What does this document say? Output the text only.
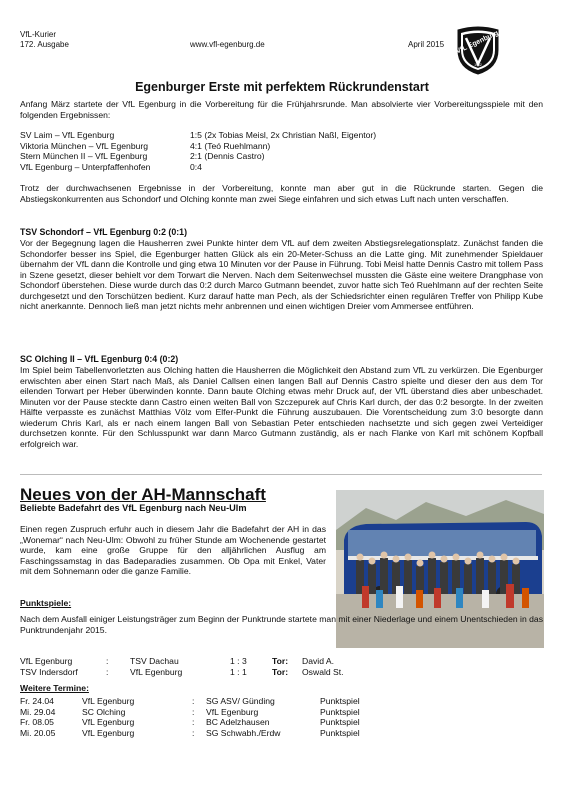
VfL-Kurier
172. Ausgabe	www.vfl-egenburg.de	April 2015 VfL Egenburg
1962
Egenburger Erste mit perfektem Rückrundenstart
Anfang März startete der VfL Egenburg in die Vorbereitung für die Frühjahrsrunde. Man absolvierte vier Vorbereitungsspiele mit den folgenden Ergebnissen:
SV Laim – VfL Egenburg	1:5 (2x Tobias Meisl, 2x Christian Naßl, Eigentor)
Viktoria München – VfL Egenburg	4:1 (Teó Ruehlmann)
Stern München II – VfL Egenburg	2:1 (Dennis Castro)
VfL Egenburg – Unterpfaffenhofen	0:4
Trotz der durchwachsenen Ergebnisse in der Vorbereitung, konnte man aber gut in die Rückrunde starten. Gegen die Abstiegskonkurrenten aus Schondorf und Olching konnte man zwei Siege einfahren und sich etwas Luft nach unten verschaffen.
TSV Schondorf – VfL Egenburg 0:2 (0:1)

Vor der Begegnung lagen die Hausherren zwei Punkte hinter dem VfL auf dem zweiten Abstiegsrelegationsplatz. Zunächst fanden die Schondorfer besser ins Spiel, die Egenburger hatten Glück als ein 20-Meter-Schuss an die Latte ging. Mit zunehmender Spieldauer übernahm der VfL dann die Kontrolle und ging etwa 10 Minuten vor der Pause in Führung. Tobi Meisl hatte Dennis Castro mit tollem Pass in Szene gesetzt, dieser behielt vor dem Torwart die Nerven. Nach dem Seitenwechsel mussten die Gäste eine weitere Drangphase von Schondorf überstehen. Diese wurde durch das 0:2 durch Marco Gutmann beendet, zuvor hatte sich Teó Ruehlmann auf der rechten Seite durchgesetzt und den Torschützen bedient. Kurz darauf hatte man Pech, als der Schiedsrichter einen regulären Treffer von Philipp Kube nicht anerkannte. Dennoch ließ man jetzt nichts mehr anbrennen und einen wichtigen Dreier vom Ammersee entführen.

SC Olching II – VfL Egenburg 0:4 (0:2)

Im Spiel beim Tabellenvorletzten aus Olching hatten die Hausherren die Möglichkeit den Abstand zum VfL zu verkürzen. Die Egenburger erwischten aber einen Start nach Maß, als Daniel Callsen einen langen Ball auf Dennis Castro spielte und dieser den aus dem Tor eilenden Torwart per Heber überwinden konnte. Dann baute Olching etwas mehr Druck auf, der VfL überstand dies aber unbeschadet. Minuten vor der Pause steckte dann Castro einen weiten Ball von Szczepurek auf Chris Karl durch, der das 0:2 besorgte. In der zweiten Hälfte verpasste es zunächst Matthias Völz vom Elfer-Punkt die Führung auszubauen. Die Vorentscheidung zum 3:0 besorgte dann wiederum Chris Karl, als er nach einem langen Ball von Sebastian Peter entschieden nachsetzte und sich gegen zwei Verteidiger durchsetzen konnte. Für den Schlusspunkt war dann Marco Gutmann zuständig, als er nach Flanke von Karl mit schönem Kopfball erfolgreich war.

Neues von der AH-Mannschaft
Beliebte Badefahrt des VfL Egenburg nach Neu-Ulm
Einen regen Zuspruch erfuhr auch in diesem Jahr die Badefahrt der AH in das „Wonemar“ nach Neu-Ulm: Obwohl zu früher Stunde am Wochenende gestartet wurde, kam eine große Gruppe für den alljährlichen Ausflug am Faschingssamstag in das Badeparadies zusammen. Ob Opa mit Enkel, Vater mit dem Sohnemann oder die ganze Familie.
Punktspiele:
Nach dem Ausfall einiger Leistungsträger zum Beginn der Punktrunde startete man mit einer Niederlage und einem Unentschieden in das Punktrundenjahr 2015.
VfL Egenburg	:	TSV Dachau	1 : 3	Tor: David A.
TSV Indersdorf	:	VfL Egenburg	1 : 1	Tor: Oswald St.
Weitere Termine:
Fr. 24.04	VfL Egenburg	: SG ASV/ Günding	Punktspiel
Mi. 29.04	SC Olching	: VfL Egenburg	Punktspiel
Fr. 08.05	VfL Egenburg	: BC Adelzhausen	Punktspiel
Mi. 20.05	VfL Egenburg	: SG Schwabh./Erdw	Punktspiel
